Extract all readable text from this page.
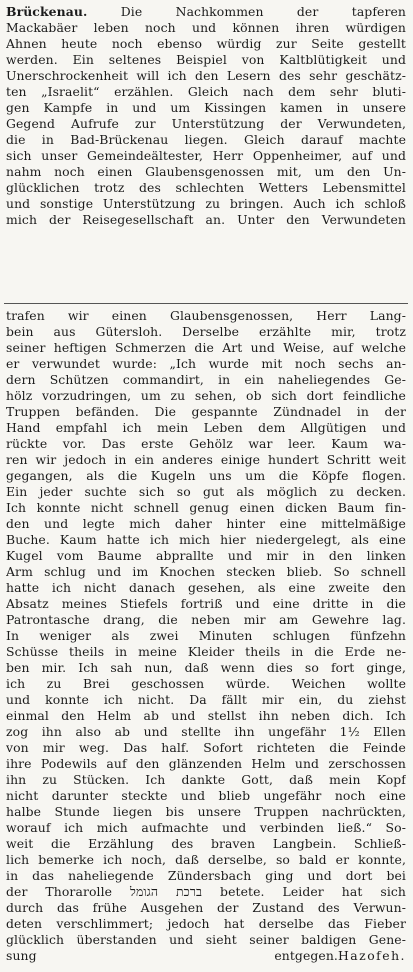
Brückenau.	Die Nachkommen der tapferen
Mackabäer leben noch und können ihren würdigen
Ahnen heute noch ebenso würdig zur Seite gestellt
werden. Ein seltenes Beispiel von Kaltblütigkeit und
Unerschrockenheit will ich den Lesern des sehr geschätz-
ten „Israelit“ erzählen. Gleich nach dem sehr bluti-
gen Kampfe in und um Kissingen kamen in unsere
Gegend Aufrufe zur Unterstützung der Verwundeten,
die in Bad-Brückenau liegen. Gleich darauf machte
sich unser Gemeindeältester, Herr Oppenheimer, auf und
nahm noch einen Glaubensgenossen mit, um den Un-
glücklichen trotz des schlechten Wetters Lebensmittel
und sonstige Unterstützung zu bringen. Auch ich schloß
mich der Reisegesellschaft an. Unter den Verwundeten
trafen wir einen Glaubensgenossen, Herr Lang-
bein aus Gütersloh. Derselbe erzählte mir, trotz
seiner heftigen Schmerzen die Art und Weise, auf welche
er verwundet wurde: „Ich wurde mit noch sechs an-
dern Schützen commandirt, in ein naheliegendes Ge-
hölz vorzudringen, um zu sehen, ob sich dort feindliche
Truppen befänden. Die gespannte Zündnadel in der
Hand empfahl ich mein Leben dem Allgütigen und
rückte vor. Das erste Gehölz war leer. Kaum wa-
ren wir jedoch in ein anderes einige hundert Schritt weit
gegangen, als die Kugeln uns um die Köpfe flogen.
Ein jeder suchte sich so gut als möglich zu decken.
Ich konnte nicht schnell genug einen dicken Baum fin-
den und legte mich daher hinter eine mittelmäßige
Buche. Kaum hatte ich mich hier niedergelegt, als eine
Kugel vom Baume abprallte und mir in den linken
Arm schlug und im Knochen stecken blieb. So schnell
hatte ich nicht danach gesehen, als eine zweite den
Absatz meines Stiefels fortriß und eine dritte in die
Patrontasche drang, die neben mir am Gewehre lag.
In weniger als zwei Minuten schlugen fünfzehn
Schüsse theils in meine Kleider theils in die Erde ne-
ben mir. Ich sah nun, daß wenn dies so fort ginge,
ich zu Brei geschossen würde. Weichen wollte
und konnte ich nicht. Da fällt mir ein, du ziehst
einmal den Helm ab und stellst ihn neben dich. Ich
zog ihn also ab und stellte ihn ungefähr 1½ Ellen
von mir weg. Das half. Sofort richteten die Feinde
ihre Podewils auf den glänzenden Helm und zerschossen
ihn zu Stücken. Ich dankte Gott, daß mein Kopf
nicht darunter steckte und blieb ungefähr noch eine
halbe Stunde liegen bis unsere Truppen nachrückten,
worauf ich mich aufmachte und verbinden ließ.“ So-
weit die Erzählung des braven Langbein. Schließ-
lich bemerke ich noch, daß derselbe, so bald er konnte,
in das naheliegende Zündersbach ging und dort bei
der Thorarolle ברכת הגומל betete. Leider hat sich
durch das frühe Ausgehen der Zustand des Verwun-
deten verschlimmert; jedoch hat derselbe das Fieber
glücklich überstanden und sieht seiner baldigen Gene-
sung entgegen. Hazofeh.
